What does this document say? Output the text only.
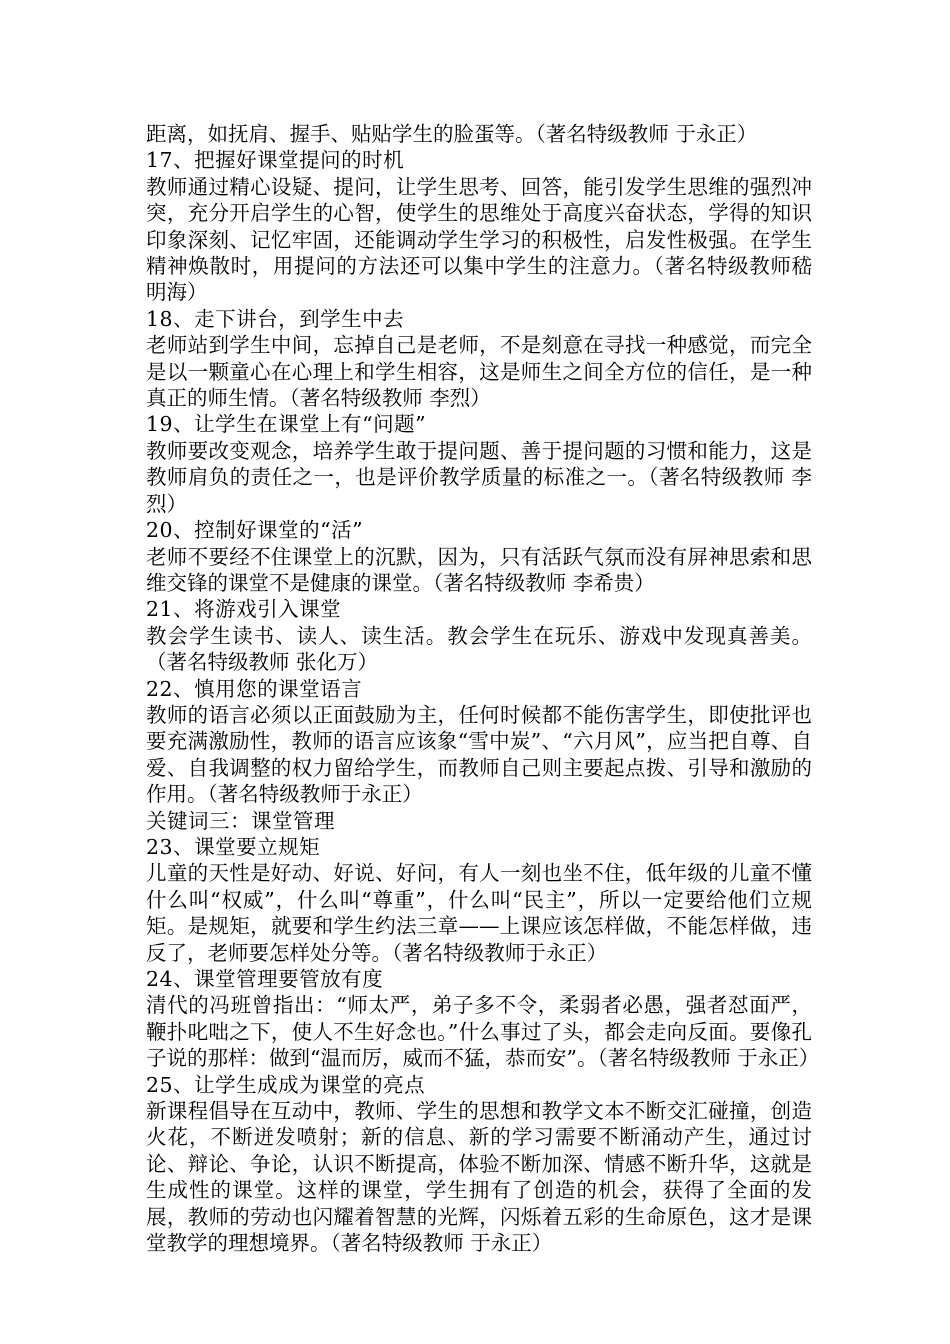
距离，如抚肩、握手、贴贴学生的脸蛋等。（著名特级教师 于永正）

17、把握好课堂提问的时机

教师通过精心设疑、提问，让学生思考、回答，能引发学生思维的强烈冲突，充分开启学生的心智，使学生的思维处于高度兴奋状态，学得的知识印象深刻、记忆牢固，还能调动学生学习的积极性，启发性极强。在学生精神焕散时，用提问的方法还可以集中学生的注意力。（著名特级教师嵇明海）

18、走下讲台，到学生中去

老师站到学生中间，忘掉自己是老师，不是刻意在寻找一种感觉，而完全是以一颗童心在心理上和学生相容，这是师生之间全方位的信任，是一种真正的师生情。（著名特级教师 李烈）

19、让学生在课堂上有“问题”

教师要改变观念，培养学生敢于提问题、善于提问题的习惯和能力，这是教师肩负的责任之一，也是评价教学质量的标准之一。（著名特级教师 李烈）

20、控制好课堂的“活”

老师不要经不住课堂上的沉默，因为，只有活跃气氛而没有屏神思索和思维交锋的课堂不是健康的课堂。（著名特级教师 李希贵）

21、将游戏引入课堂

教会学生读书、读人、读生活。教会学生在玩乐、游戏中发现真善美。（著名特级教师 张化万）

22、慎用您的课堂语言

教师的语言必须以正面鼓励为主，任何时候都不能伤害学生，即使批评也要充满激励性，教师的语言应该象“雪中炭”、“六月风”，应当把自尊、自爱、自我调整的权力留给学生，而教师自己则主要起点拨、引导和激励的作用。（著名特级教师于永正）

关键词三：课堂管理

23、课堂要立规矩

儿童的天性是好动、好说、好问，有人一刻也坐不住，低年级的儿童不懂什么叫“权威”，什么叫“尊重”，什么叫“民主”，所以一定要给他们立规矩。是规矩，就要和学生约法三章——上课应该怎样做，不能怎样做，违反了，老师要怎样处分等。（著名特级教师于永正）

24、课堂管理要管放有度

清代的冯班曾指出：“师太严，弟子多不令，柔弱者必愚，强者怼面严，鞭扑叱咄之下，使人不生好念也。”什么事过了头，都会走向反面。要像孔子说的那样：做到“温而厉，威而不猛，恭而安”。（著名特级教师 于永正）

25、让学生成成为课堂的亮点

新课程倡导在互动中，教师、学生的思想和教学文本不断交汇碰撞，创造火花，不断迸发喷射；新的信息、新的学习需要不断涌动产生，通过讨论、辩论、争论，认识不断提高，体验不断加深、情感不断升华，这就是生成性的课堂。这样的课堂，学生拥有了创造的机会，获得了全面的发展，教师的劳动也闪耀着智慧的光辉，闪烁着五彩的生命原色，这才是课堂教学的理想境界。（著名特级教师 于永正）
